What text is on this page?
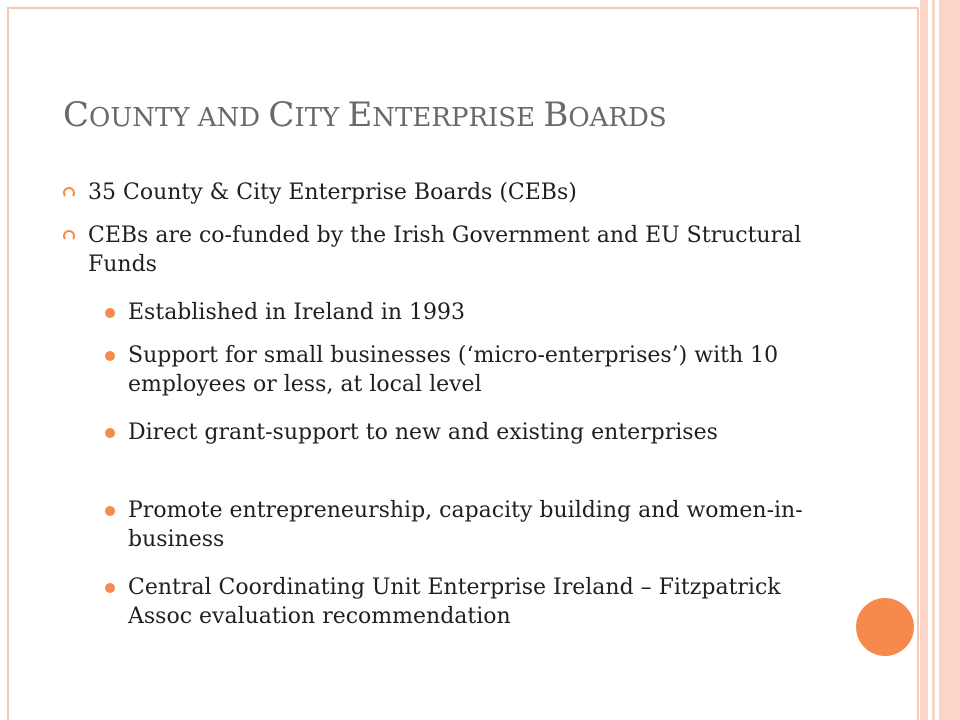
COUNTY AND CITY ENTERPRISE BOARDS
35 County & City Enterprise Boards (CEBs)
CEBs are co-funded by the Irish Government and EU Structural Funds
Established in Ireland in 1993
Support for small businesses (‘micro-enterprises’) with 10 employees or less, at local level
Direct grant-support to new and existing enterprises
Promote entrepreneurship, capacity building and women-in-business
Central Coordinating Unit Enterprise Ireland – Fitzpatrick Assoc evaluation recommendation
